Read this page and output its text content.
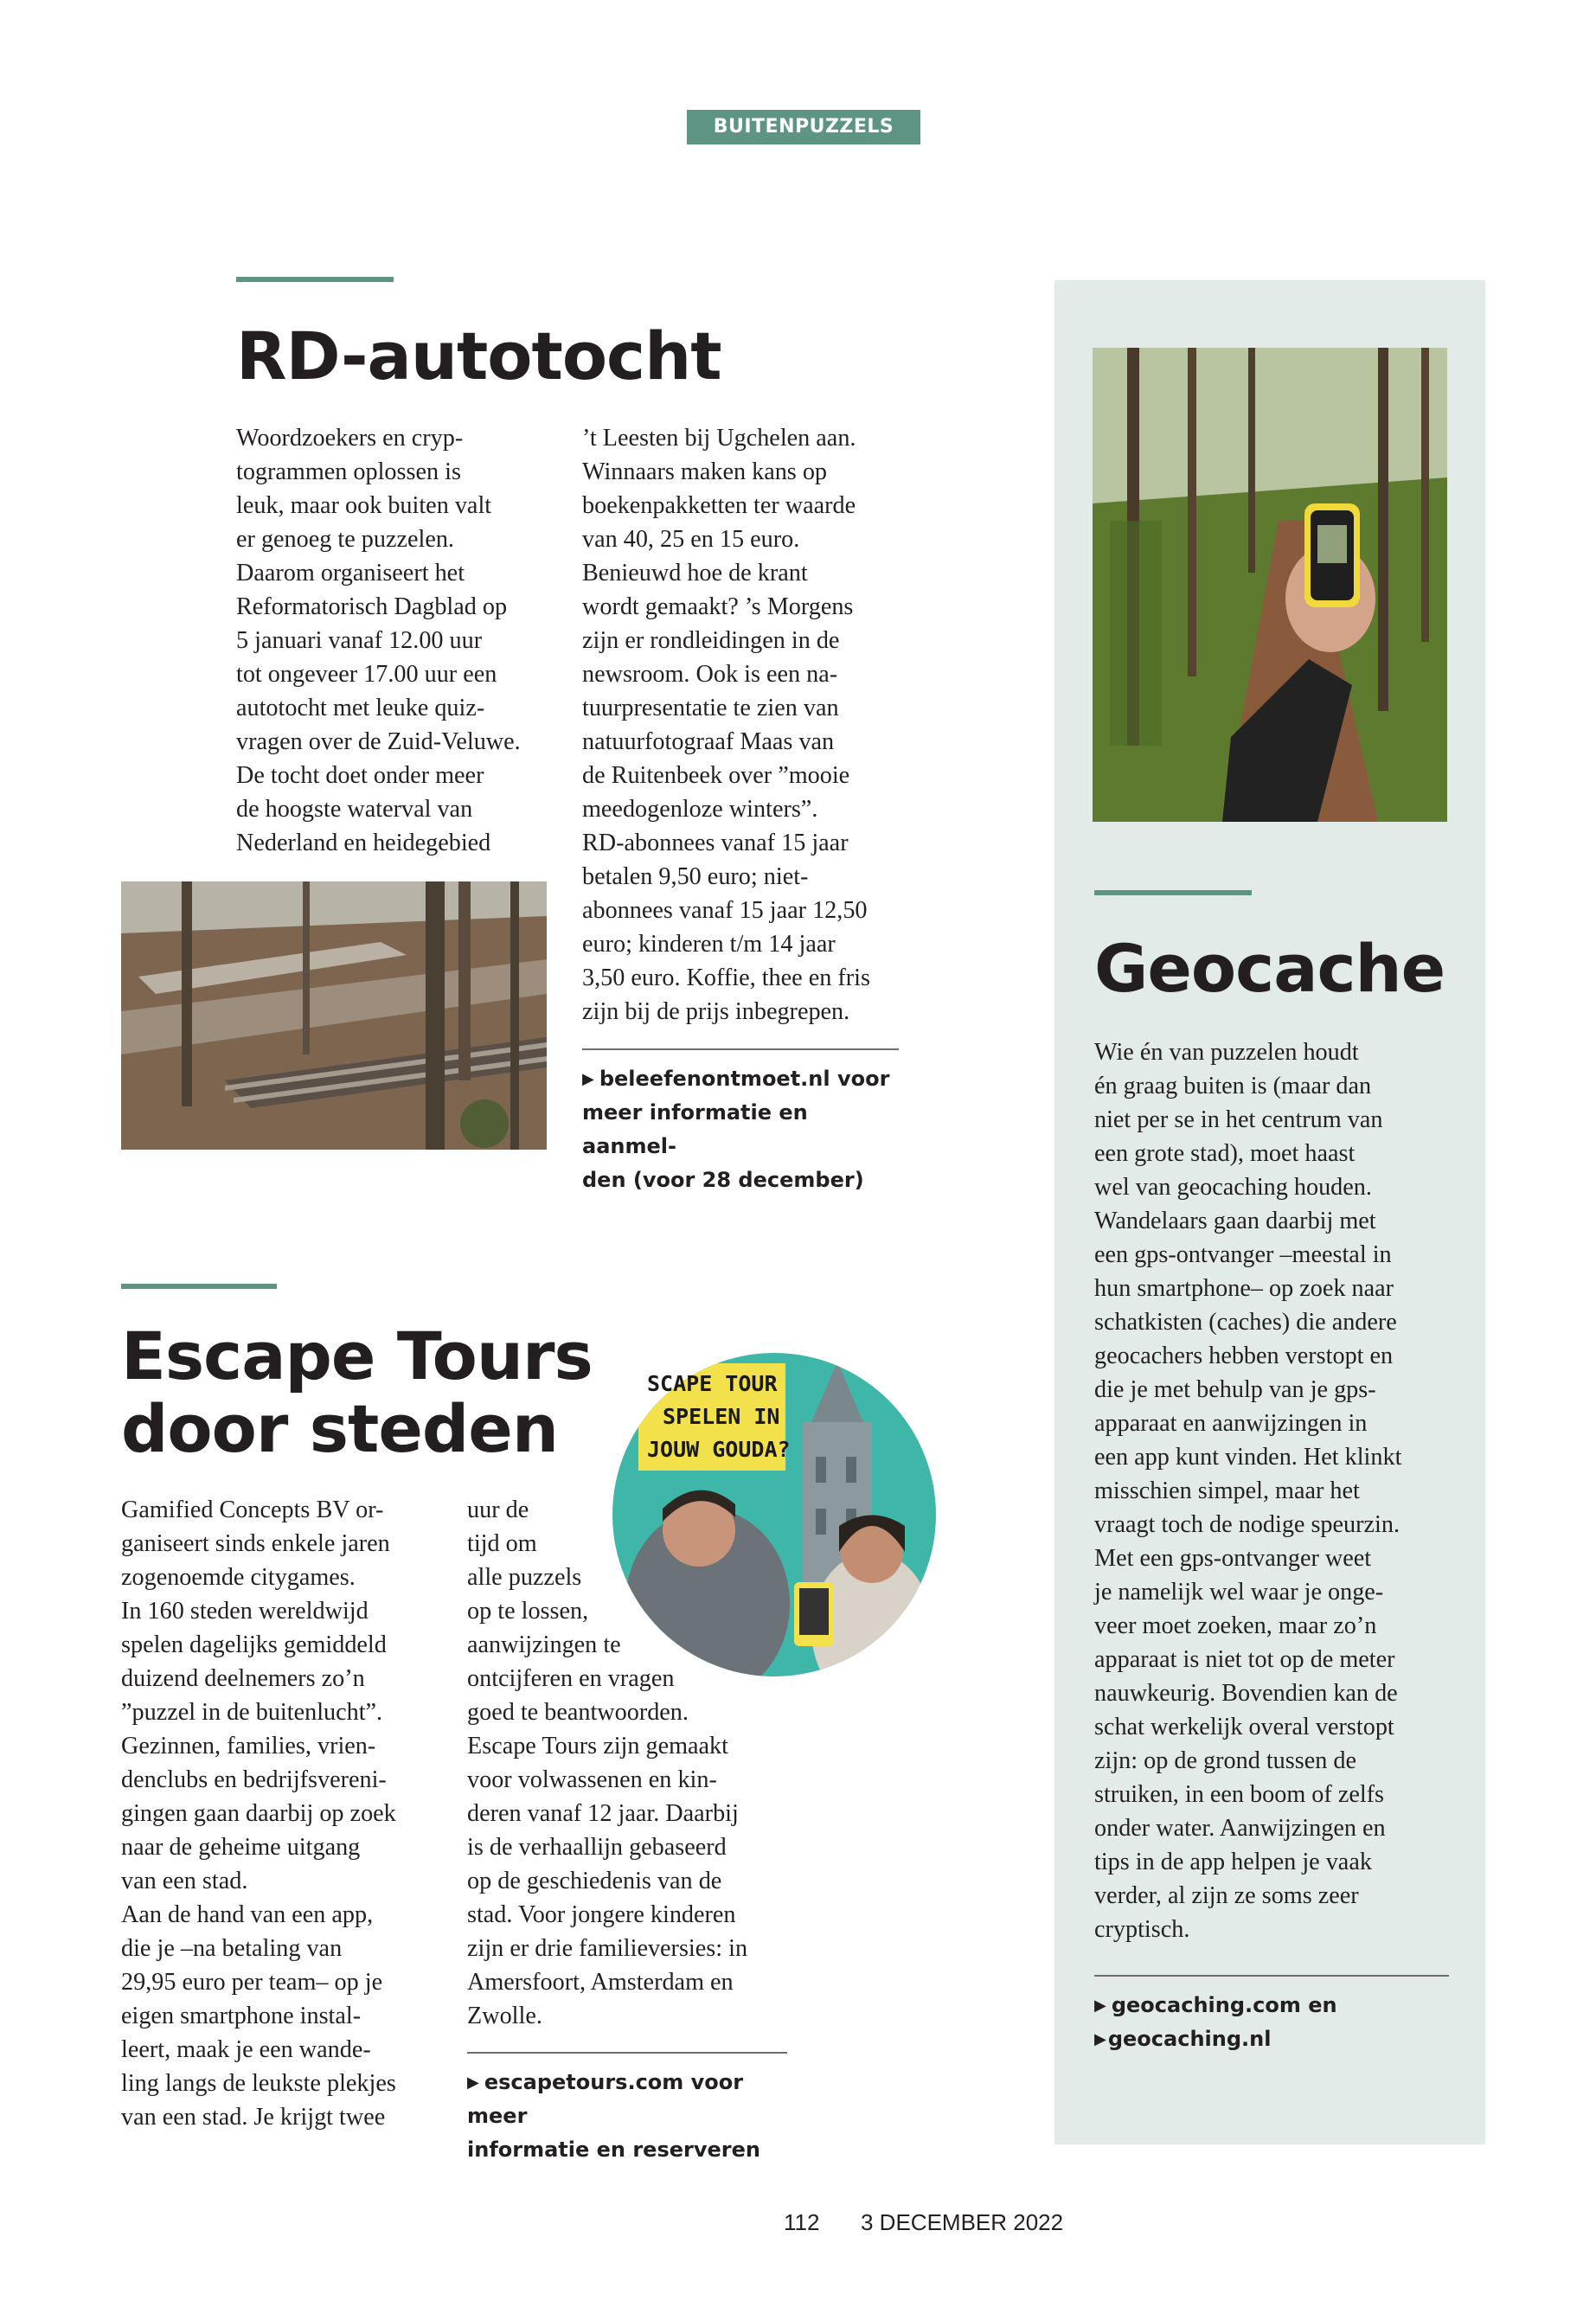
BUITENPUZZELS
RD-autotocht

Woordzoekers en cryp-
togrammen oplossen is
leuk, maar ook buiten valt
er genoeg te puzzelen.
Daarom organiseert het
Reformatorisch Dagblad op
5 januari vanaf 12.00 uur
tot ongeveer 17.00 uur een
autotocht met leuke quiz-
vragen over de Zuid-Veluwe.
De tocht doet onder meer
de hoogste waterval van
Nederland en heidegebied

’t Leesten bij Ugchelen aan.
Winnaars maken kans op
boekenpakketten ter waarde
van 40, 25 en 15 euro.
Benieuwd hoe de krant
wordt gemaakt? ’s Morgens
zijn er rondleidingen in de
newsroom. Ook is een na-
tuurpresentatie te zien van
natuurfotograaf Maas van
de Ruitenbeek over ”mooie
meedogenloze winters”.
RD-abonnees vanaf 15 jaar
betalen 9,50 euro; niet-
abonnees vanaf 15 jaar 12,50
euro; kinderen t/m 14 jaar
3,50 euro. Koffie, thee en fris
zijn bij de prijs inbegrepen.

▶ beleefenontmoet.nl voor
meer informatie en aanmel-
den (voor 28 december)
Escape Tours
door steden
SCAPE TOUR
SPELEN IN
JOUW GOUDA?

Gamified Concepts BV or-
ganiseert sinds enkele jaren
zogenoemde citygames.
In 160 steden wereldwijd
spelen dagelijks gemiddeld
duizend deelnemers zo’n
”puzzel in de buitenlucht”.
Gezinnen, families, vrien-
denclubs en bedrijfsvereni-
gingen gaan daarbij op zoek
naar de geheime uitgang
van een stad.
Aan de hand van een app,
die je –na betaling van
29,95 euro per team– op je
eigen smartphone instal-
leert, maak je een wande-
ling langs de leukste plekjes
van een stad. Je krijgt twee

uur de
tijd om
alle puzzels
op te lossen,
aanwijzingen te
ontcijferen en vragen
goed te beantwoorden.
Escape Tours zijn gemaakt
voor volwassenen en kin-
deren vanaf 12 jaar. Daarbij
is de verhaallijn gebaseerd
op de geschiedenis van de
stad. Voor jongere kinderen
zijn er drie familieversies: in
Amersfoort, Amsterdam en
Zwolle.

▶ escapetours.com voor meer
informatie en reserveren
Geocache

Wie én van puzzelen houdt
én graag buiten is (maar dan
niet per se in het centrum van
een grote stad), moet haast
wel van geocaching houden.
Wandelaars gaan daarbij met
een gps-ontvanger –meestal in
hun smartphone– op zoek naar
schatkisten (caches) die andere
geocachers hebben verstopt en
die je met behulp van je gps-
apparaat en aanwijzingen in
een app kunt vinden. Het klinkt
misschien simpel, maar het
vraagt toch de nodige speurzin.
Met een gps-ontvanger weet
je namelijk wel waar je onge-
veer moet zoeken, maar zo’n
apparaat is niet tot op de meter
nauwkeurig. Bovendien kan de
schat werkelijk overal verstopt
zijn: op de grond tussen de
struiken, in een boom of zelfs
onder water. Aanwijzingen en
tips in de app helpen je vaak
verder, al zijn ze soms zeer
cryptisch.

▶ geocaching.com en
▶geocaching.nl
112 3 DECEMBER 2022
